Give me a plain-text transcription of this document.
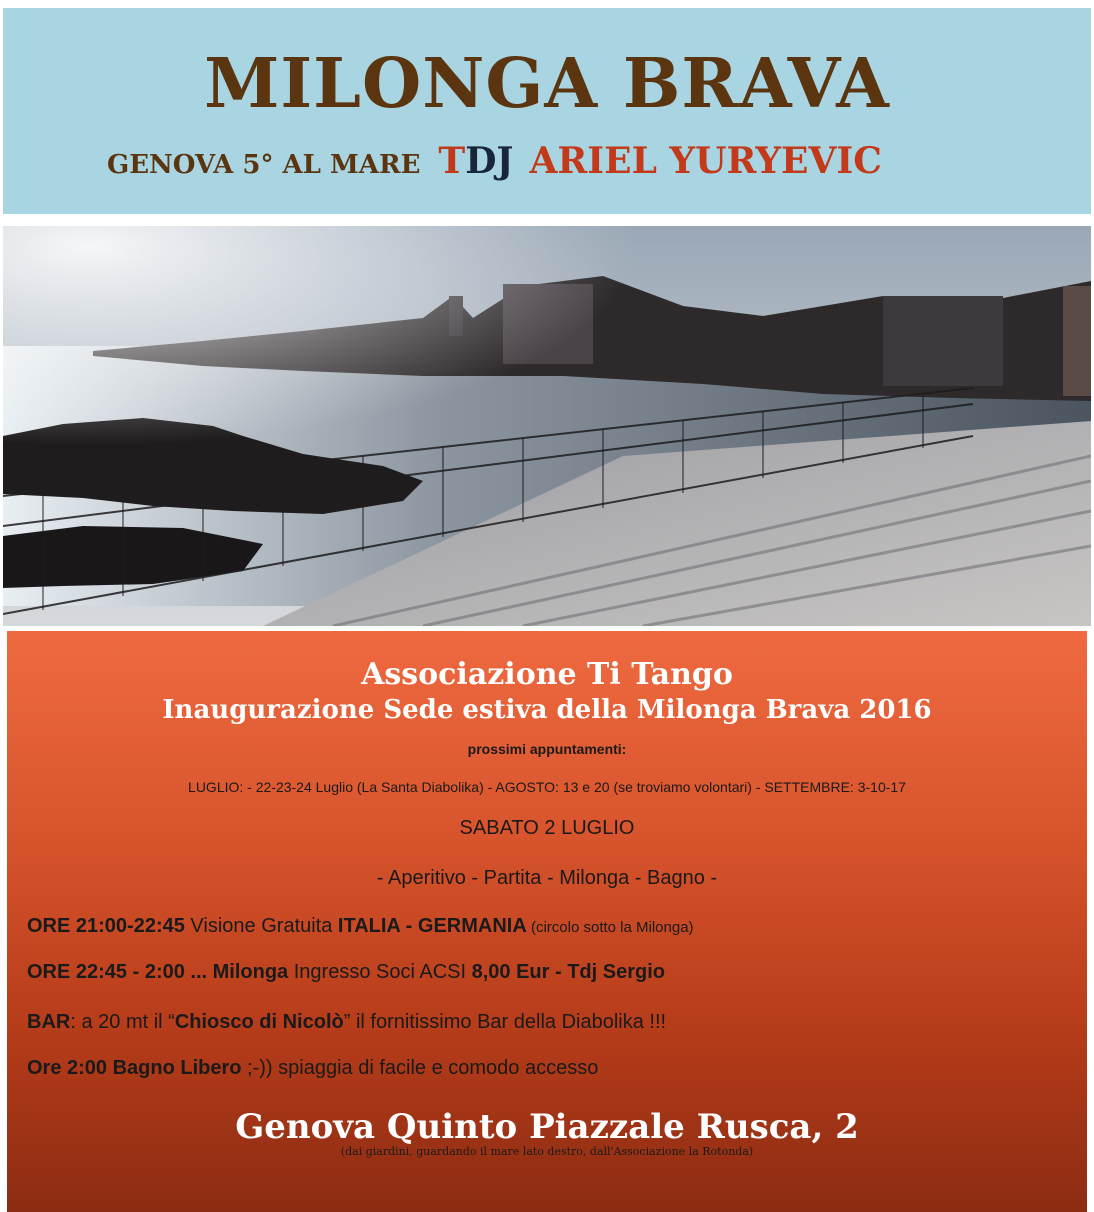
MILONGA BRAVA
GENOVA 5° AL MARE TDJ ARIEL YURYEVIC
Associazione Ti Tango
Inaugurazione Sede estiva della Milonga Brava 2016
prossimi appuntamenti:
LUGLIO: - 22-23-24 Luglio (La Santa Diabolika) - AGOSTO: 13 e 20 (se troviamo volontari) - SETTEMBRE: 3-10-17
SABATO 2 LUGLIO
- Aperitivo - Partita - Milonga - Bagno -
ORE 21:00-22:45 Visione Gratuita ITALIA - GERMANIA (circolo sotto la Milonga)
ORE 22:45 - 2:00 ... Milonga Ingresso Soci ACSI 8,00 Eur - Tdj Sergio
BAR: a 20 mt il “Chiosco di Nicolò” il fornitissimo Bar della Diabolika !!!
Ore 2:00 Bagno Libero ;-)) spiaggia di facile e comodo accesso
Genova Quinto Piazzale Rusca, 2
(dai giardini, guardando il mare lato destro, dall'Associazione la Rotonda)
